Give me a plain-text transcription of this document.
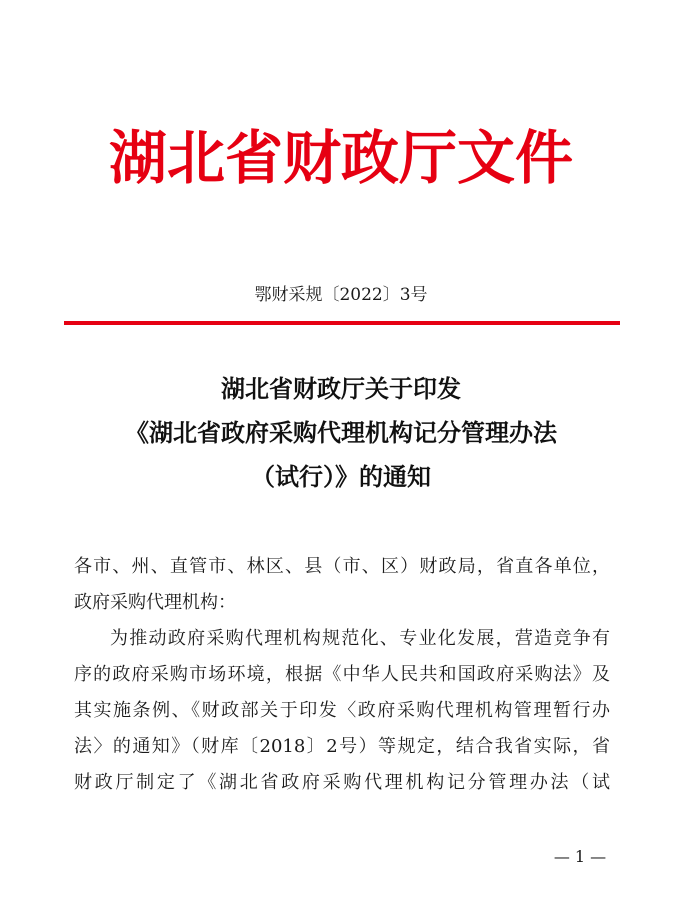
湖北省财政厅文件
鄂财采规〔2022〕3号
湖北省财政厅关于印发
《湖北省政府采购代理机构记分管理办法
（试行）》的通知
各市、州、直管市、林区、县（市、区）财政局，省直各单位，
政府采购代理机构：
为推动政府采购代理机构规范化、专业化发展，营造竞争有
序的政府采购市场环境，根据《中华人民共和国政府采购法》及
其实施条例、《财政部关于印发〈政府采购代理机构管理暂行办
法〉的通知》（财库〔2018〕2号）等规定，结合我省实际，省
财政厅制定了《湖北省政府采购代理机构记分管理办法（试
— 1 —
